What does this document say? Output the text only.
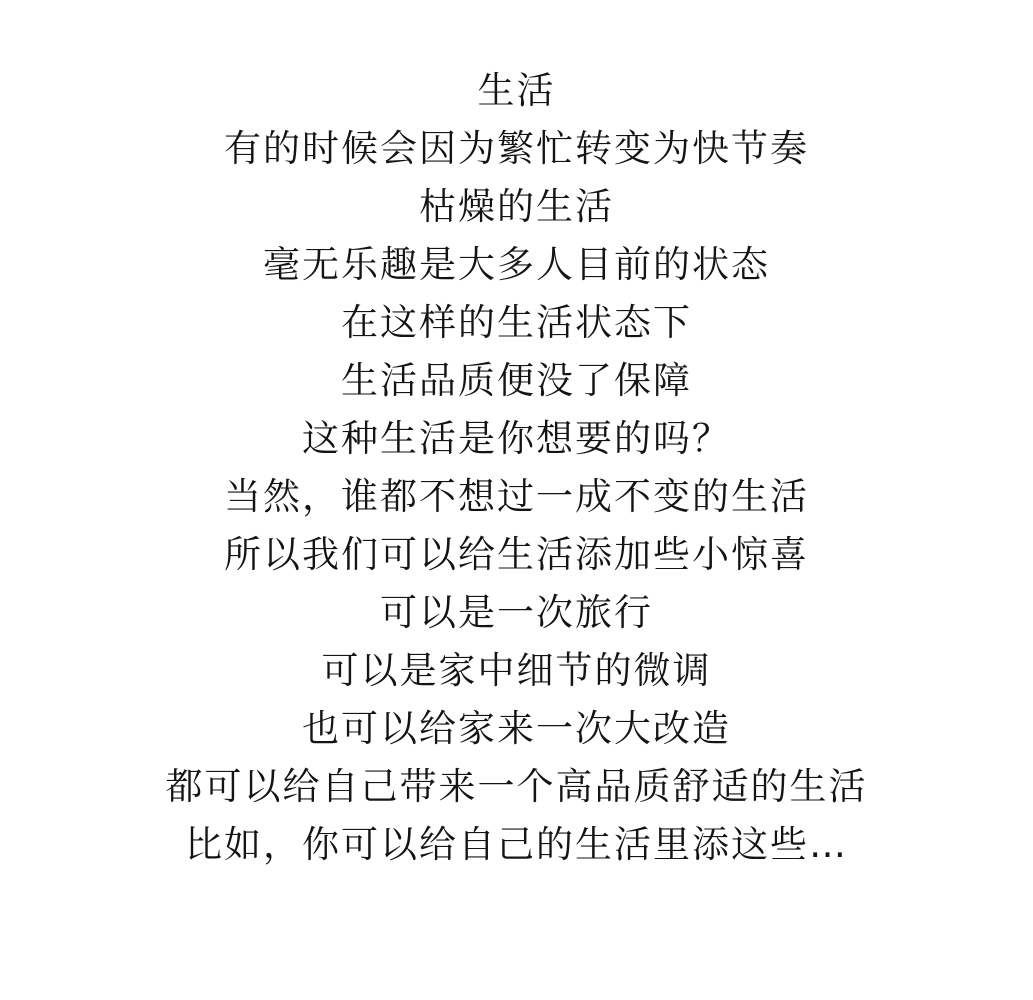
生活
有的时候会因为繁忙转变为快节奏
枯燥的生活
毫无乐趣是大多人目前的状态
在这样的生活状态下
生活品质便没了保障
这种生活是你想要的吗？
当然，谁都不想过一成不变的生活
所以我们可以给生活添加些小惊喜
可以是一次旅行
可以是家中细节的微调
也可以给家来一次大改造
都可以给自己带来一个高品质舒适的生活
比如，你可以给自己的生活里添这些…
